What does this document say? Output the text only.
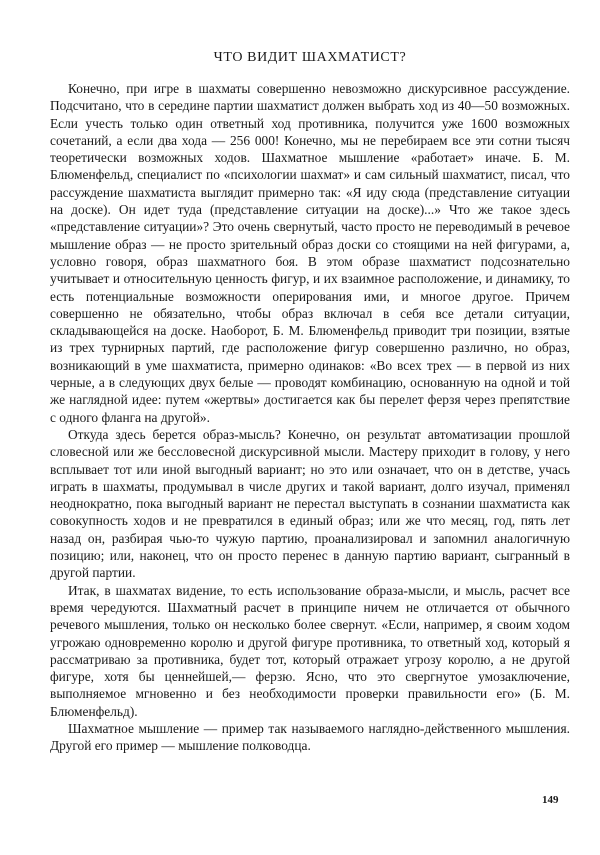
ЧТО ВИДИТ ШАХМАТИСТ?

Конечно, при игре в шахматы совершенно невозможно дискурсивное рассуждение. Подсчитано, что в середине партии шахматист должен выбрать ход из 40—50 возможных. Если учесть только один ответный ход противника, получится уже 1600 возможных сочетаний, а если два хода — 256 000! Конечно, мы не перебираем все эти сотни тысяч теоретически возможных ходов. Шахматное мышление «работает» иначе. Б. М. Блюменфельд, специалист по «психологии шахмат» и сам сильный шахматист, писал, что рассуждение шахматиста выглядит примерно так: «Я иду сюда (представление ситуации на доске). Он идет туда (представление ситуации на доске)...» Что же такое здесь «представление ситуации»? Это очень свернутый, часто просто не переводимый в речевое мышление образ — не просто зрительный образ доски со стоящими на ней фигурами, а, условно говоря, образ шахматного боя. В этом образе шахматист подсознательно учитывает и относительную ценность фигур, и их взаимное расположение, и динамику, то есть потенциальные возможности оперирования ими, и многое другое. Причем совершенно не обязательно, чтобы образ включал в себя все детали ситуации, складывающейся на доске. Наоборот, Б. М. Блюменфельд приводит три позиции, взятые из трех турнирных партий, где расположение фигур совершенно различно, но образ, возникающий в уме шахматиста, примерно одинаков: «Во всех трех — в первой из них черные, а в следующих двух белые — проводят комбинацию, основанную на одной и той же наглядной идее: путем «жертвы» достигается как бы перелет ферзя через препятствие с одного фланга на другой».

Откуда здесь берется образ-мысль? Конечно, он результат автоматизации прошлой словесной или же бессловесной дискурсивной мысли. Мастеру приходит в голову, у него всплывает тот или иной выгодный вариант; но это или означает, что он в детстве, учась играть в шахматы, продумывал в числе других и такой вариант, долго изучал, применял неоднократно, пока выгодный вариант не перестал выступать в сознании шахматиста как совокупность ходов и не превратился в единый образ; или же что месяц, год, пять лет назад он, разбирая чью-то чужую партию, проанализировал и запомнил аналогичную позицию; или, наконец, что он просто перенес в данную партию вариант, сыгранный в другой партии.

Итак, в шахматах видение, то есть использование образа-мысли, и мысль, расчет все время чередуются. Шахматный расчет в принципе ничем не отличается от обычного речевого мышления, только он несколько более свернут. «Если, например, я своим ходом угрожаю одновременно королю и другой фигуре противника, то ответный ход, который я рассматриваю за противника, будет тот, который отражает угрозу королю, а не другой фигуре, хотя бы ценнейшей,— ферзю. Ясно, что это свергнутое умозаключение, выполняемое мгновенно и без необходимости проверки правильности его» (Б. М. Блюменфельд).

Шахматное мышление — пример так называемого наглядно-действенного мышления. Другой его пример — мышление полководца.

149
